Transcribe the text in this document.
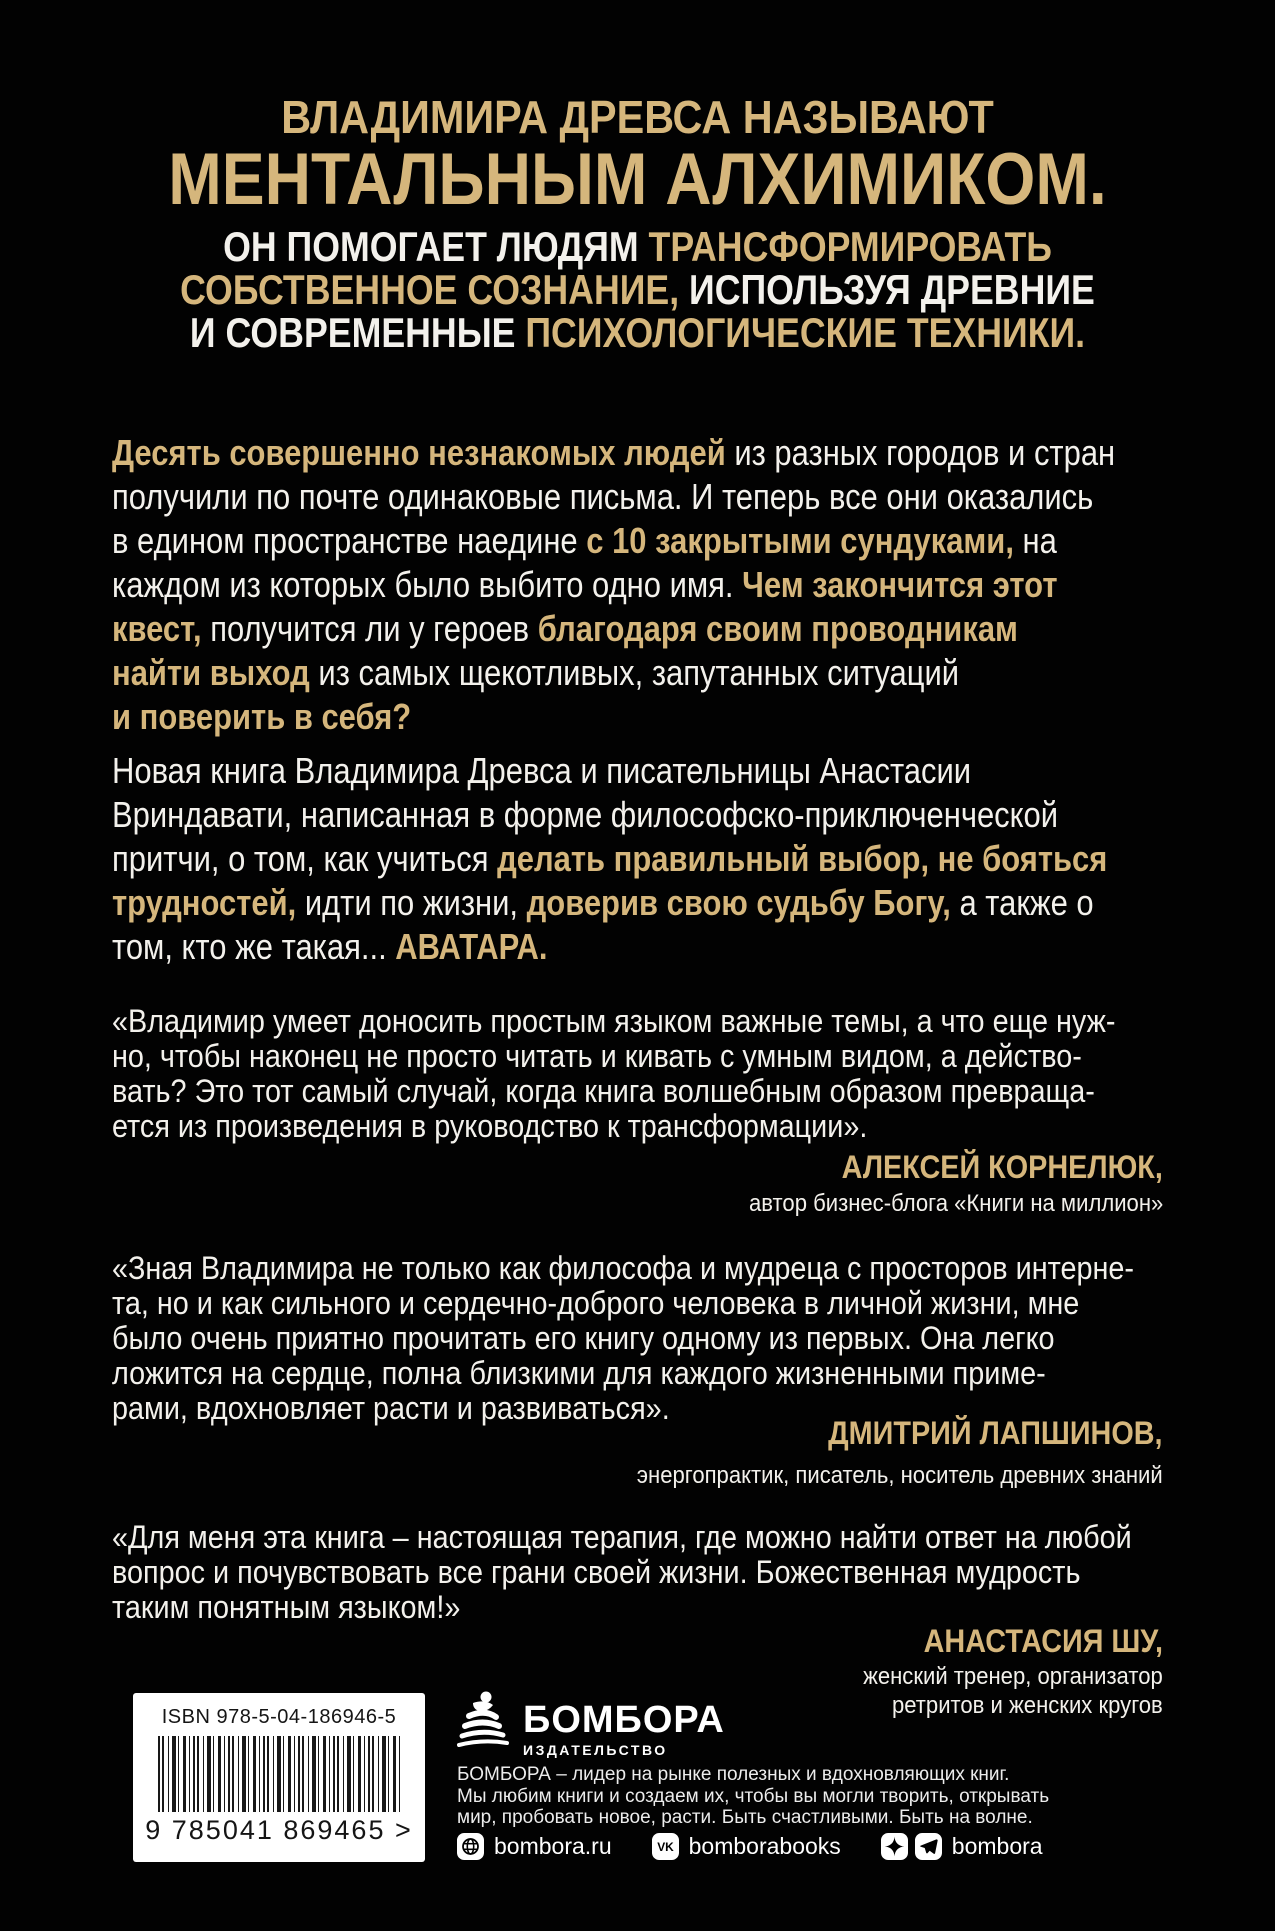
ВЛАДИМИРА ДРЕВСА НАЗЫВАЮТ
МЕНТАЛЬНЫМ АЛХИМИКОМ.
ОН ПОМОГАЕТ ЛЮДЯМ ТРАНСФОРМИРОВАТЬ
СОБСТВЕННОЕ СОЗНАНИЕ, ИСПОЛЬЗУЯ ДРЕВНИЕ
И СОВРЕМЕННЫЕ ПСИХОЛОГИЧЕСКИЕ ТЕХНИКИ.
Десять совершенно незнакомых людей из разных городов и стран
получили по почте одинаковые письма. И теперь все они оказались
в едином пространстве наедине с 10 закрытыми сундуками, на
каждом из которых было выбито одно имя. Чем закончится этот
квест, получится ли у героев благодаря своим проводникам
найти выход из самых щекотливых, запутанных ситуаций
и поверить в себя?
Новая книга Владимира Древса и писательницы Анастасии
Вриндавати, написанная в форме философско-приключенческой
притчи, о том, как учиться делать правильный выбор, не бояться
трудностей, идти по жизни, доверив свою судьбу Богу, а также о
том, кто же такая... АВАТАРА.
«Владимир умеет доносить простым языком важные темы, а что еще нуж-
но, чтобы наконец не просто читать и кивать с умным видом, а действо-
вать? Это тот самый случай, когда книга волшебным образом превраща-
ется из произведения в руководство к трансформации».
АЛЕКСЕЙ КОРНЕЛЮК,
автор бизнес-блога «Книги на миллион»
«Зная Владимира не только как философа и мудреца с просторов интерне-
та, но и как сильного и сердечно-доброго человека в личной жизни, мне
было очень приятно прочитать его книгу одному из первых. Она легко
ложится на сердце, полна близкими для каждого жизненными приме-
рами, вдохновляет расти и развиваться».
ДМИТРИЙ ЛАПШИНОВ,
энергопрактик, писатель, носитель древних знаний
«Для меня эта книга – настоящая терапия, где можно найти ответ на любой
вопрос и почувствовать все грани своей жизни. Божественная мудрость
таким понятным языком!»
АНАСТАСИЯ ШУ,
женский тренер, организатор
ретритов и женских кругов
ISBN 978-5-04-186946-5
9 785041 869465 >
БОМБОРА
ИЗДАТЕЛЬСТВО
БОМБОРА – лидер на рынке полезных и вдохновляющих книг.
Мы любим книги и создаем их, чтобы вы могли творить, открывать
мир, пробовать новое, расти. Быть счастливыми. Быть на волне.
bombora.ru	VK bomborabooks	bombora
